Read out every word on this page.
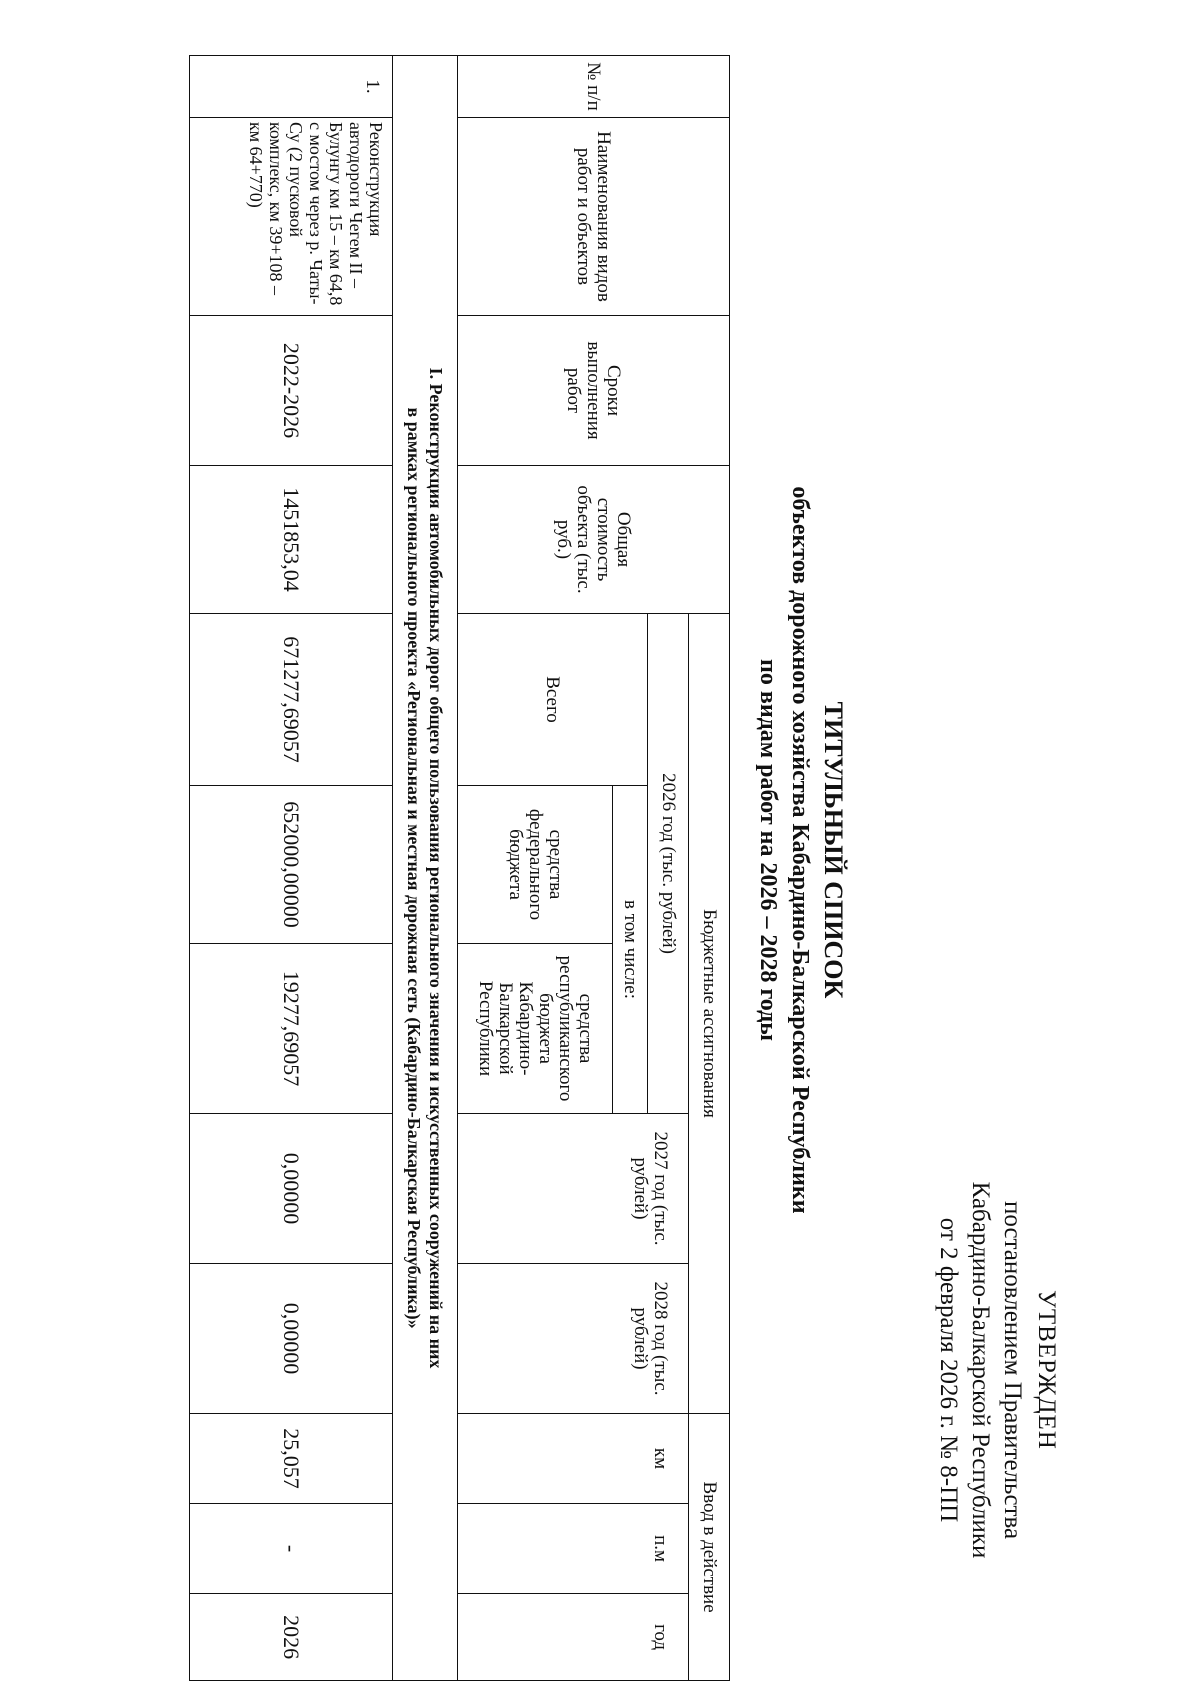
УТВЕРЖДЕН
постановлением Правительства
Кабардино-Балкарской Республики
от 2 февраля 2026 г. № 8-ПП
ТИТУЛЬНЫЙ СПИСОК
объектов дорожного хозяйства Кабардино-Балкарской Республики
по видам работ на 2026 – 2028 годы
№ п/п	Наименования видов работ и объектов	Сроки выполнения работ	Общая стоимость объекта (тыс. руб.)	Бюджетные ассигнования					Ввод в действие		
				2026 год (тыс. рублей)			2027 год (тыс. рублей)	2028 год (тыс. рублей)	км	п.м	год
				Всего	в том числе:						
					средства федерального бюджета	средства республиканского бюджета Кабардино-Балкарской Республики					

I. Реконструкция автомобильных дорог общего пользования регионального значения и искусственных сооружений на них
в рамках регионального проекта «Региональная и местная дорожная сеть (Кабардино-Балкарская Республика)»											

1.	Реконструкция автодороги Чегем II – Булунгу км 15 – км 64,8 с мостом через р. Чаты-Су (2 пусковой комплекс, км 39+108 – км 64+770)	2022-2026	1451853,04	671277,69057	652000,00000	19277,69057	0,00000	0,00000	25,057	-	2026
